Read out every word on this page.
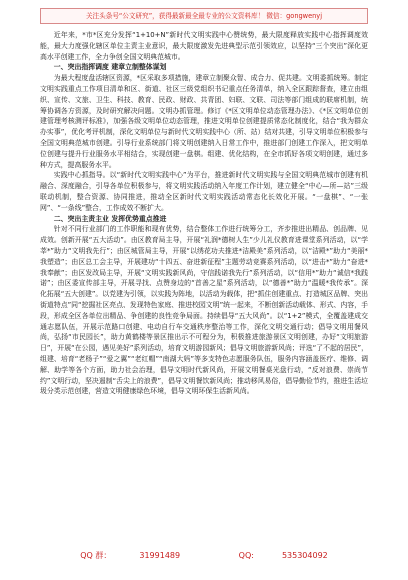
关注头条号“公文研究”，获得最新最全最专业的公文资料库！ 微信：gongwenyj

近年来，*市*区充分发挥“1+10+N”新时代文明实践中心赞统势，最大限度释放实践中心指挥调度效能，最大力度强化辖区单位主责主业意识，最大限度激发先进典型示范引领效应，以坚持“三个突出”深化更高水平创建工作，全力争创全国文明典范城市。

一、突出指挥调度 建章立制整体谋划

为最大程度盘活辖区资源，*区采取多项措施，建章立制聚众智、成合力、促共建。文明委抓统筹。制定文明实践重点工作项目清单和区、街道、社区三级党组织书记重点任务清单，纳入全区跟踪督查，建立由组织、宣传、文旅、卫生、科技、教育、民政、财政、共青团、妇联、文联、司法等部门组成的联席机制，统筹协调各方资源，及时研究解决问题。文明办抓管理。修订《*区文明单位动态管理办法》、《*区文明单位创建管理考核测评标准》，加强各级文明单位动态管理，推进文明单位创建提质常态化制度化，结合“我为群众办实事”，优化考评机制，深化文明单位与新时代文明实践中心（所、站）结对共建，引导文明单位积极参与全国文明典范城市创建。引导行业系统部门将文明创建纳入日常工作中，推进部门创建工作深入，把文明单位创建与提升行业服务水平相结合，实现创建一盘棋。组建、优化结构，在全市抓好各项文明创建，通过多种方式，提高服务水平。

实践中心抓指导。以“新时代文明实践中心”为平台，推进新时代文明实践与全国文明典范城市创建有机融合、深度融合，引导各单位积极参与，将文明实践活动纳入年度工作计划，建立健全“中心—所—站”三级联动机制，整合资源、协同推进，推动全区新时代文明实践活动常态化长效化开展。“一盘棋”、“一张网”、“一条线”整合，工作成效不断扩大。

二、突出主责主业 发挥优势重点推进

针对不同行业部门的工作职能和现有优势，结合整体工作进行统筹分工，齐步推进出精品、创品牌、见成效。创新开展“五大活动”。由区教育局主导，开展“礼润*德树人生”少儿礼仪教育进课堂系列活动，以“学莘*”助力“文明我先行”；由区城管局主导，开展“以绣花功夫推进*洁殿美”系列活动，以“洁殿*”助力“美丽*我塑造”；由区总工会主导，开展建功“十四五、奋进新征程”主题劳动竞赛系列活动，以“进击*”助力“奋进*我奉献”；由区发改局主导，开展“文明实践新风尚，守信践诺我先行”系列活动，以“信用*”助力“诚信*我践诺”；由区委宣传部主导，开展寻找、点赞身边的“首善之星”系列活动，以“德善*”助力“温暖*我传承”。深化拓展“五大创建”。以党建为引领，以实践为阵地，以活动为载体，把“抓住创建重点、打造城区品牌、突出街道特点”同“挖掘社区亮点、发现特色家庭、推进校园文明”统一起来，不断创新活动载体、形式、内容，手段，形成全区各单位出精品、争创建的良性竞争局面。持续倡导“五大风尚”。以“1+2”模式，全覆盖建成交通志愿队伍，开展示范路口创建、电动自行车交通秩序整治等工作，深化文明交通行动；倡导文明用餐风尚，弘扬“市民园长”，助力黄鹤楼等景区推出示不可程分为，积极推进旅游景区文明创建，办好“文明旅游日”，开展“在公园，遇见美好”系列活动，培育文明游园新风；倡导文明旅游新风尚；评选“了不起的居民”，组建、培育“老杨子”“爱之翼”“老红帽”“南湖大妈”等多支特色志愿服务队伍，服务内容涵盖医疗、维修、调解、助学等各个方面，助力社会治理，倡导文明时代新风尚，开展文明餐桌光盘行动，“反对浪费、崇尚节约”文明行动，坚决遏制“舌尖上的浪费”，倡导文明餐饮新风尚；推动移风易俗，倡导勤俭节约，推进生活垃圾分类示范创建，营造文明健康绿色环境，倡导文明环保生活新风尚。

QQ 群：	31991489	QQ:	535304092
